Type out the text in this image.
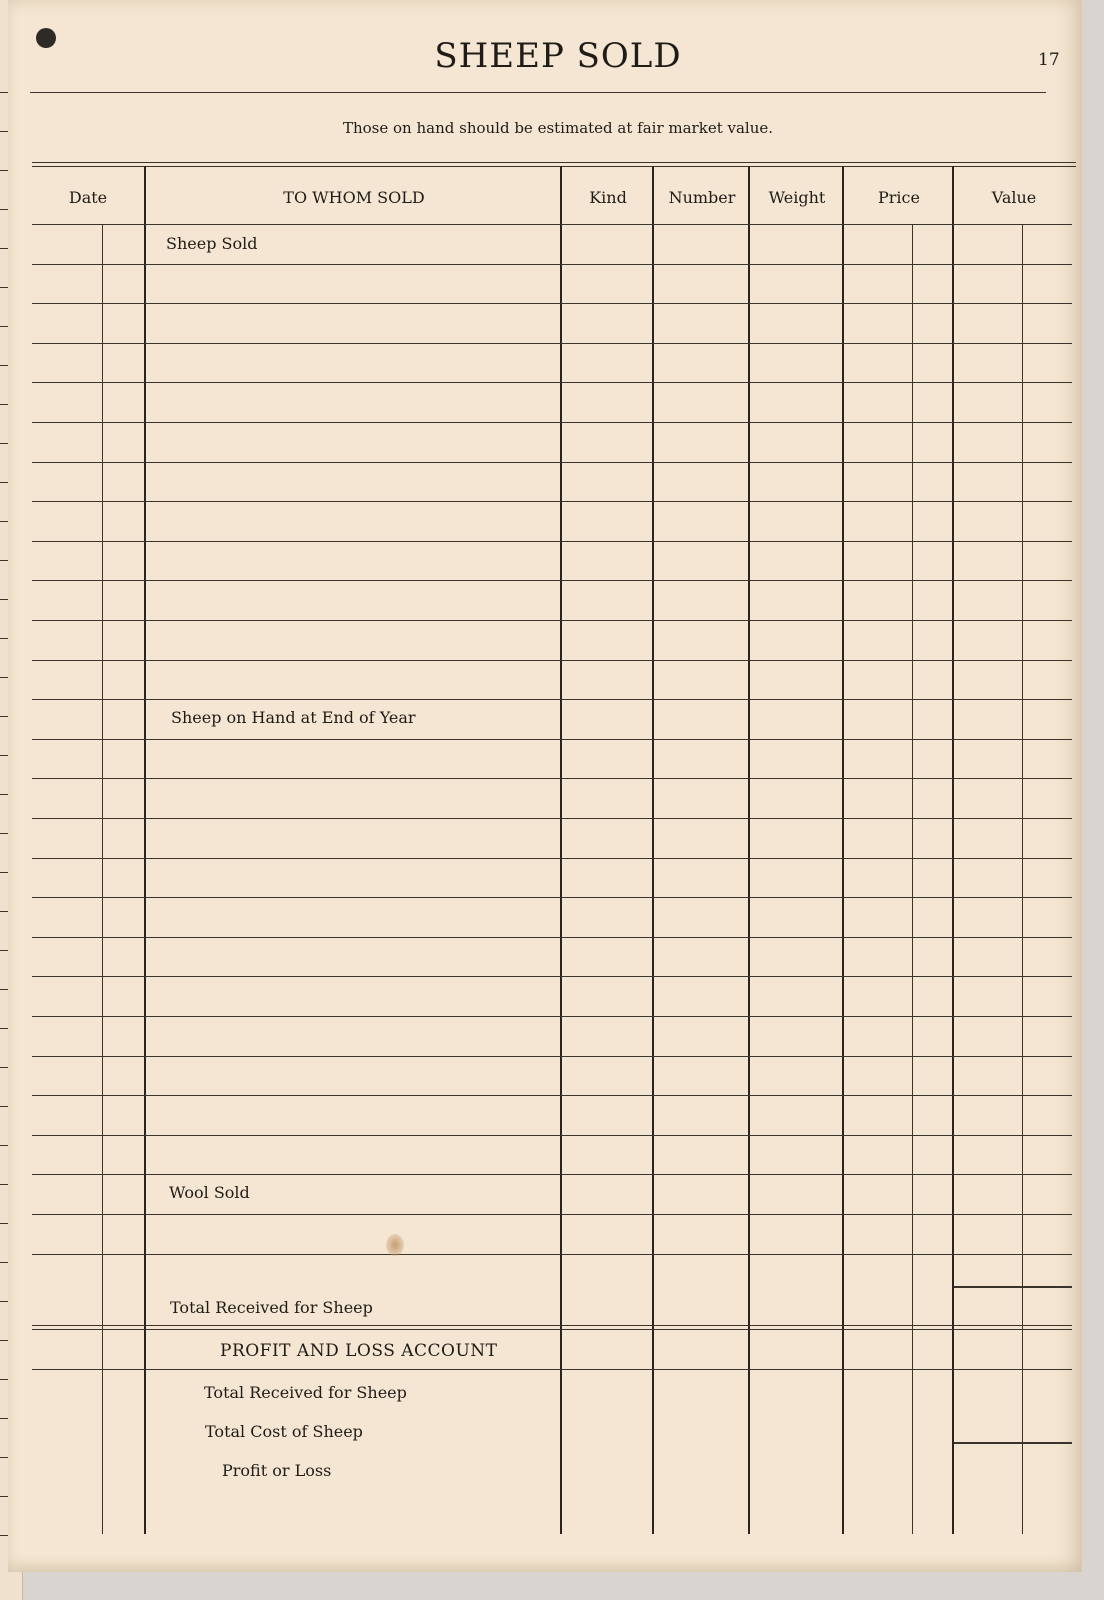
SHEEP SOLD	17
Those on hand should be estimated at fair market value.
Date	TO WHOM SOLD	Kind	Number	Weight	Price	Value
Sheep Sold
Sheep on Hand at End of Year
Wool Sold
Total Received for Sheep
PROFIT AND LOSS ACCOUNT
Total Received for Sheep
Total Cost of Sheep
Profit or Loss
